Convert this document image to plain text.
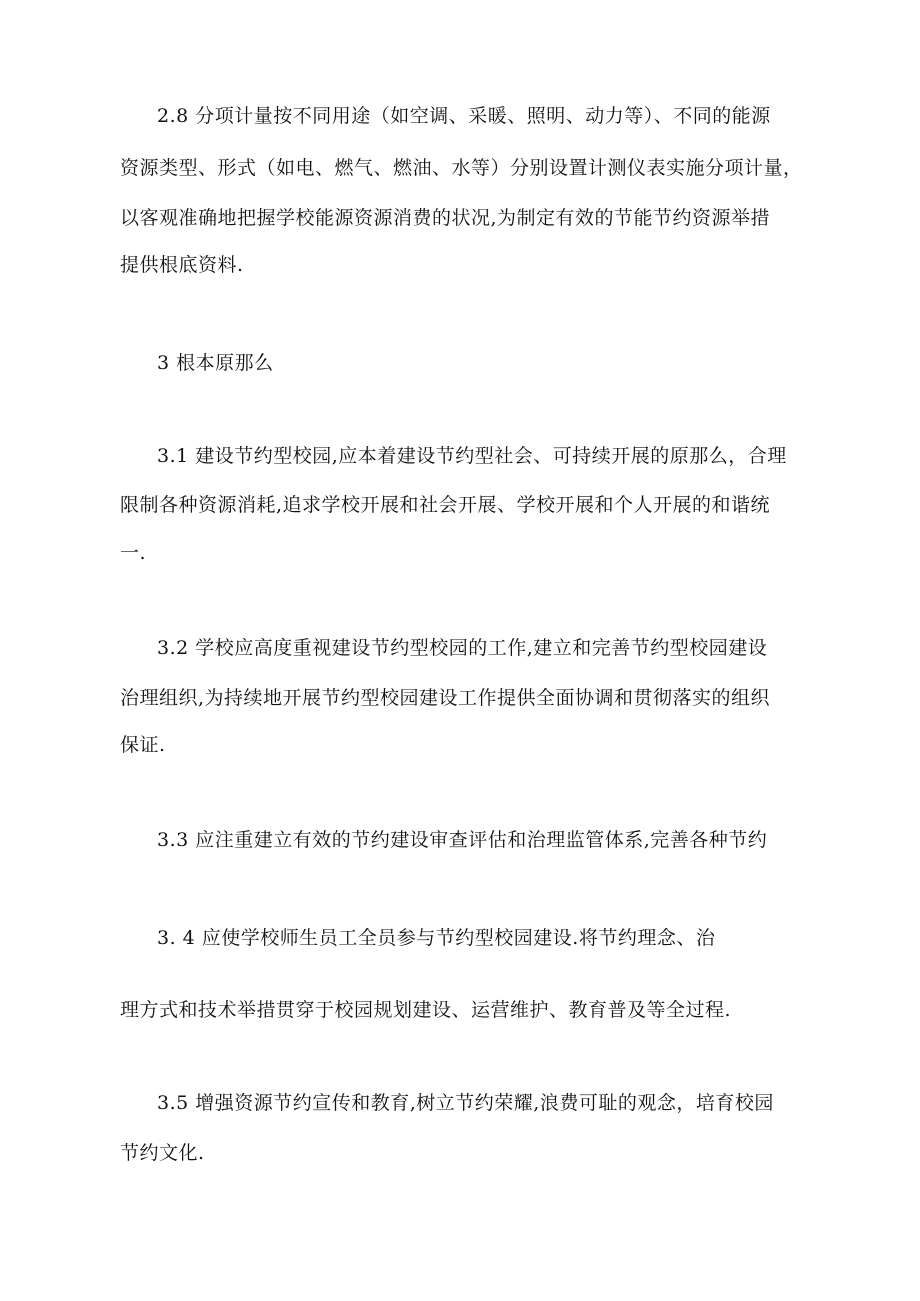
2.8 分项计量按不同用途（如空调、采暖、照明、动力等）、不同的能源
资源类型、形式（如电、燃气、燃油、水等）分别设置计测仪表实施分项计量，
以客观准确地把握学校能源资源消费的状况,为制定有效的节能节约资源举措
提供根底资料.
3 根本原那么
3.1 建设节约型校园,应本着建设节约型社会、可持续开展的原那么，合理
限制各种资源消耗,追求学校开展和社会开展、学校开展和个人开展的和谐统
一.
3.2 学校应高度重视建设节约型校园的工作,建立和完善节约型校园建设
治理组织,为持续地开展节约型校园建设工作提供全面协调和贯彻落实的组织
保证.
3.3 应注重建立有效的节约建设审查评估和治理监管体系,完善各种节约
3. 4 应使学校师生员工全员参与节约型校园建设.将节约理念、治
理方式和技术举措贯穿于校园规划建设、运营维护、教育普及等全过程.
3.5 增强资源节约宣传和教育,树立节约荣耀,浪费可耻的观念，培育校园
节约文化.
